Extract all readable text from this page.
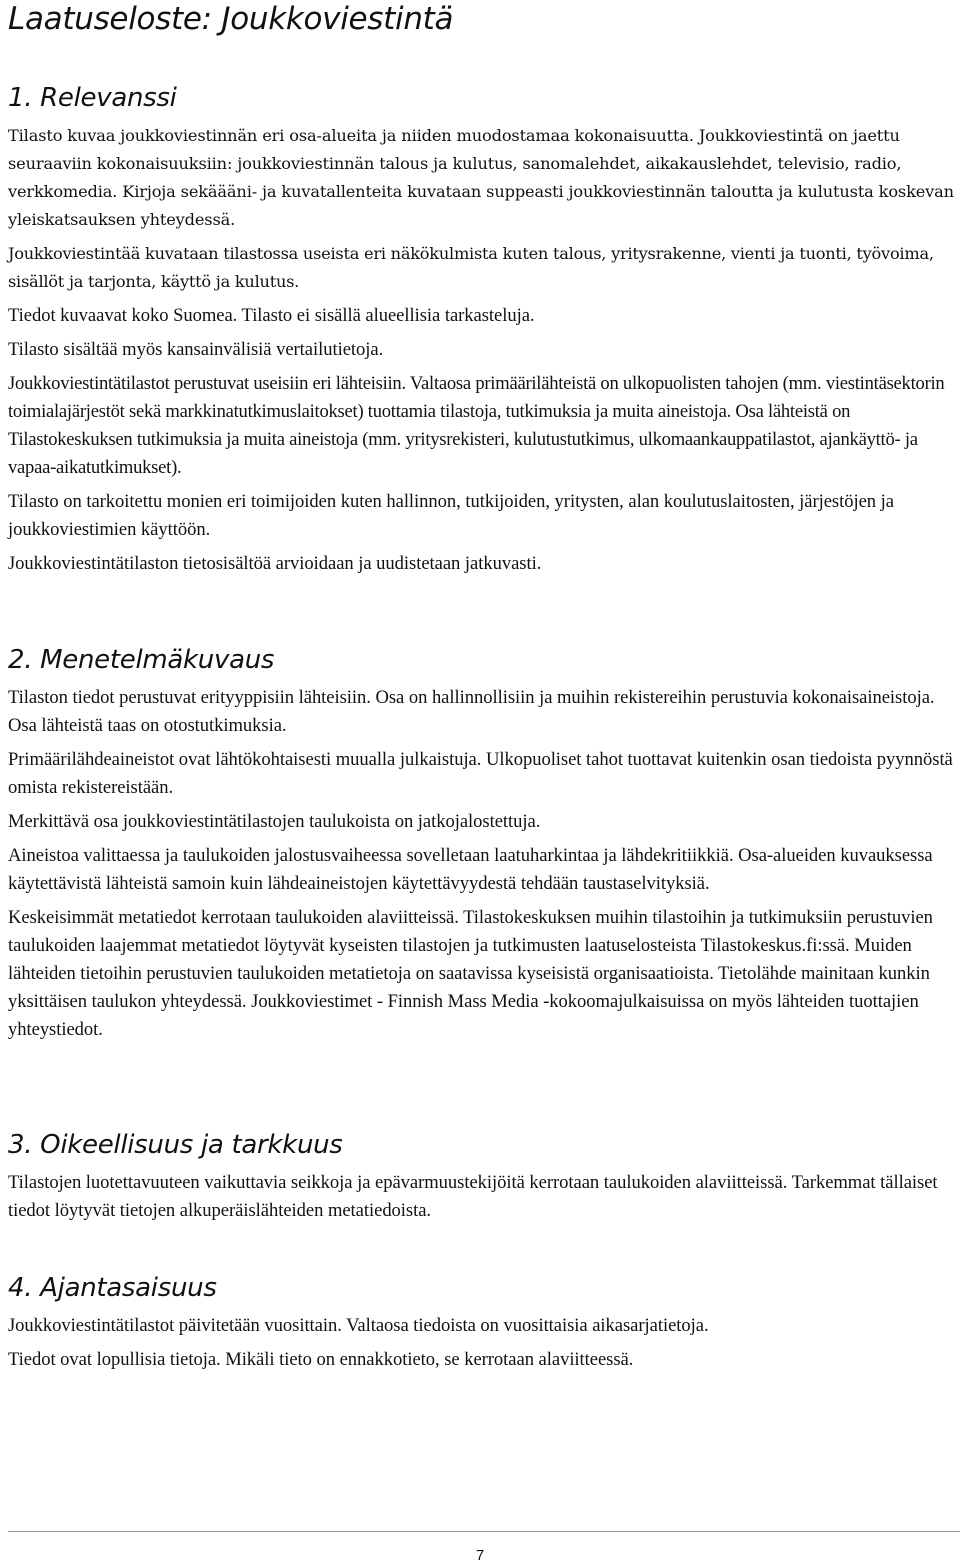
Laatuseloste: Joukkoviestintä
1. Relevanssi

Tilasto kuvaa joukkoviestinnän eri osa-alueita ja niiden muodostamaa kokonaisuutta. Joukkoviestintä on jaettu seuraaviin kokonaisuuksiin: joukkoviestinnän talous ja kulutus, sanomalehdet, aikakauslehdet, televisio, radio, verkkomedia. Kirjoja sekäääni- ja kuvatallenteita kuvataan suppeasti joukkoviestinnän taloutta ja kulutusta koskevan yleiskatsauksen yhteydessä.

Joukkoviestintää kuvataan tilastossa useista eri näkökulmista kuten talous, yritysrakenne, vienti ja tuonti, työvoima, sisällöt ja tarjonta, käyttö ja kulutus.

Tiedot kuvaavat koko Suomea. Tilasto ei sisällä alueellisia tarkasteluja.

Tilasto sisältää myös kansainvälisiä vertailutietoja.

Joukkoviestintätilastot perustuvat useisiin eri lähteisiin. Valtaosa primäärilähteistä on ulkopuolisten tahojen (mm. viestintäsektorin toimialajärjestöt sekä markkinatutkimuslaitokset) tuottamia tilastoja, tutkimuksia ja muita aineistoja. Osa lähteistä on Tilastokeskuksen tutkimuksia ja muita aineistoja (mm. yritysrekisteri, kulutustutkimus, ulkomaankauppatilastot, ajankäyttö- ja vapaa-aikatutkimukset).

Tilasto on tarkoitettu monien eri toimijoiden kuten hallinnon, tutkijoiden, yritysten, alan koulutuslaitosten, järjestöjen ja joukkoviestimien käyttöön.

Joukkoviestintätilaston tietosisältöä arvioidaan ja uudistetaan jatkuvasti.

2. Menetelmäkuvaus

Tilaston tiedot perustuvat erityyppisiin lähteisiin. Osa on hallinnollisiin ja muihin rekistereihin perustuvia kokonaisaineistoja. Osa lähteistä taas on otostutkimuksia.

Primäärilähdeaineistot ovat lähtökohtaisesti muualla julkaistuja. Ulkopuoliset tahot tuottavat kuitenkin osan tiedoista pyynnöstä omista rekistereistään.

Merkittävä osa joukkoviestintätilastojen taulukoista on jatkojalostettuja.

Aineistoa valittaessa ja taulukoiden jalostusvaiheessa sovelletaan laatuharkintaa ja lähdekritiikkiä. Osa-alueiden kuvauksessa käytettävistä lähteistä samoin kuin lähdeaineistojen käytettävyydestä tehdään taustaselvityksiä.

Keskeisimmät metatiedot kerrotaan taulukoiden alaviitteissä. Tilastokeskuksen muihin tilastoihin ja tutkimuksiin perustuvien taulukoiden laajemmat metatiedot löytyvät kyseisten tilastojen ja tutkimusten laatuselosteista Tilastokeskus.fi:ssä. Muiden lähteiden tietoihin perustuvien taulukoiden metatietoja on saatavissa kyseisistä organisaatioista. Tietolähde mainitaan kunkin yksittäisen taulukon yhteydessä. Joukkoviestimet - Finnish Mass Media -kokoomajulkaisuissa on myös lähteiden tuottajien yhteystiedot.

3. Oikeellisuus ja tarkkuus

Tilastojen luotettavuuteen vaikuttavia seikkoja ja epävarmuustekijöitä kerrotaan taulukoiden alaviitteissä. Tarkemmat tällaiset tiedot löytyvät tietojen alkuperäislähteiden metatiedoista.

4. Ajantasaisuus

Joukkoviestintätilastot päivitetään vuosittain. Valtaosa tiedoista on vuosittaisia aikasarjatietoja.

Tiedot ovat lopullisia tietoja. Mikäli tieto on ennakkotieto, se kerrotaan alaviitteessä.

7
